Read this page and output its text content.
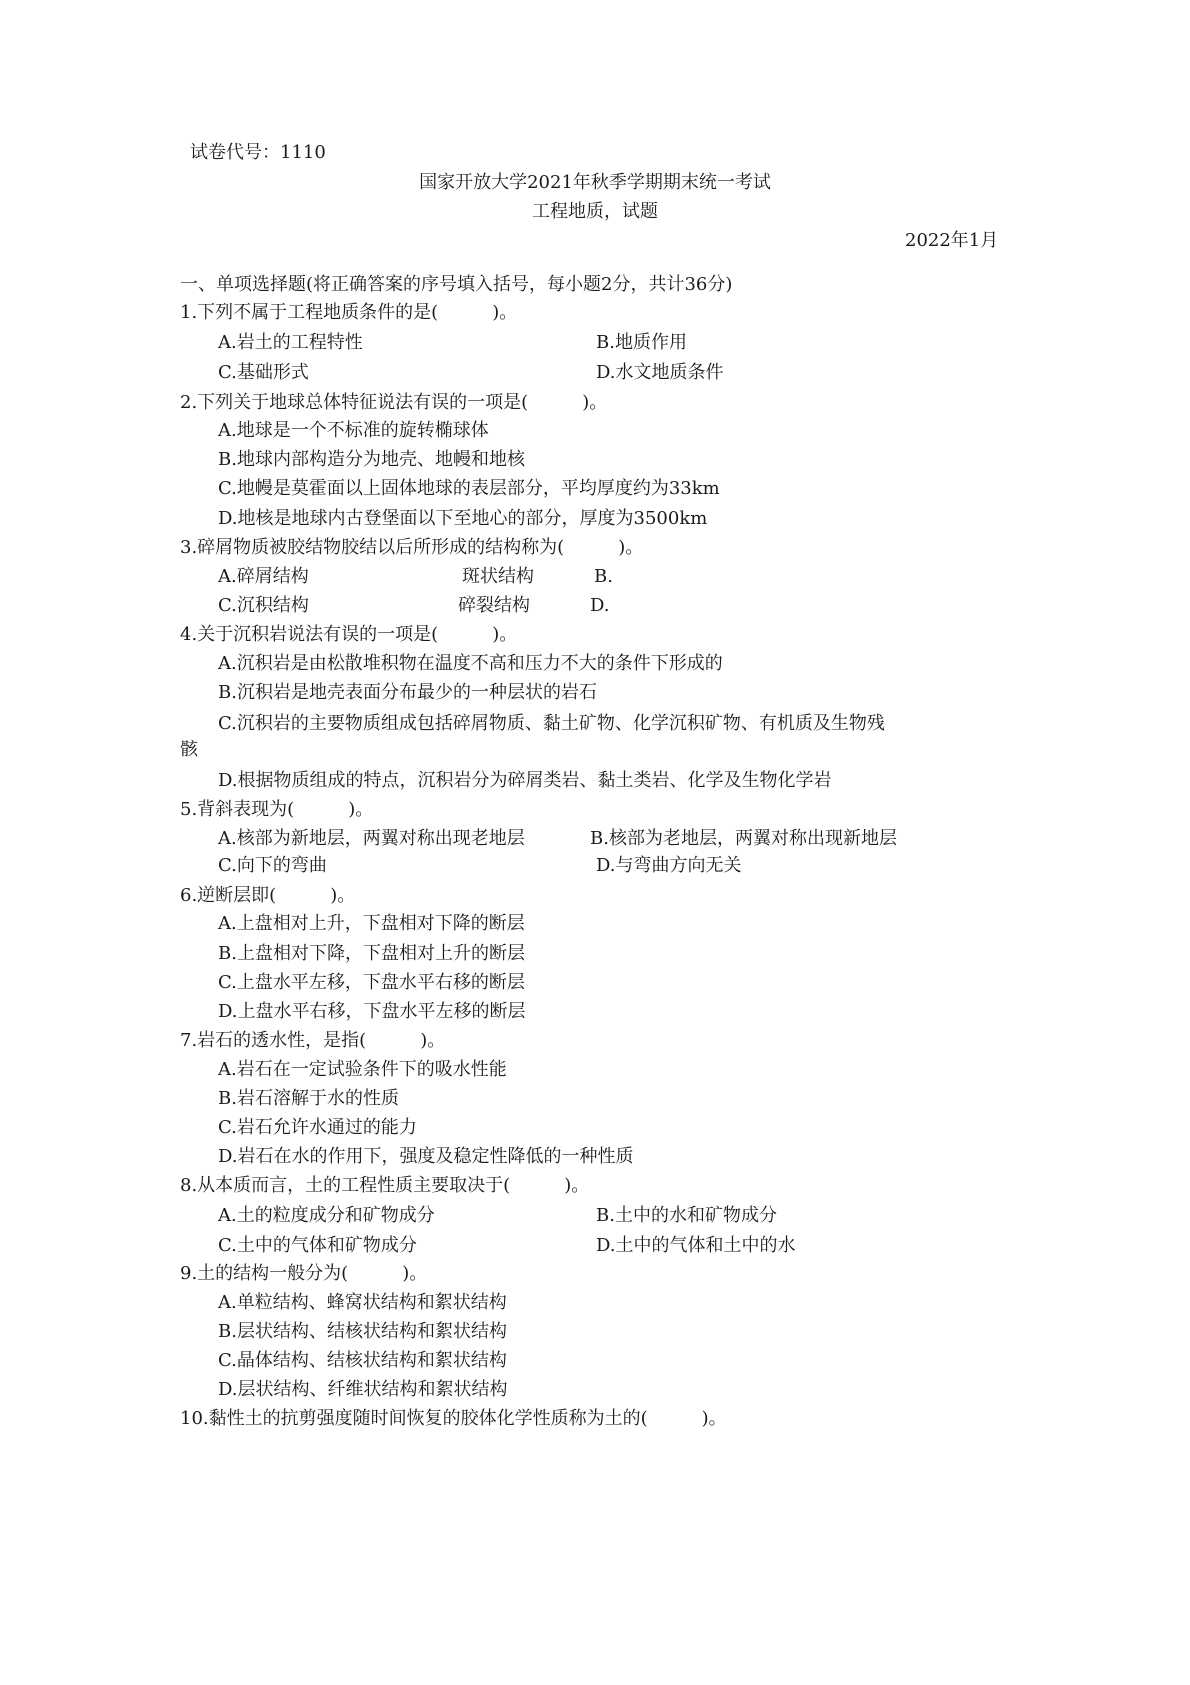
试卷代号：1110
国家开放大学2021年秋季学期期末统一考试
工程地质，试题
2022年1月
一、单项选择题(将正确答案的序号填入括号，每小题2分，共计36分)
1.下列不属于工程地质条件的是(　　　)。
A.岩土的工程特性	B.地质作用
C.基础形式	D.水文地质条件
2.下列关于地球总体特征说法有误的一项是(　　　)。
A.地球是一个不标准的旋转椭球体
B.地球内部构造分为地壳、地幔和地核
C.地幔是莫霍面以上固体地球的表层部分，平均厚度约为33km
D.地核是地球内古登堡面以下至地心的部分，厚度为3500km
3.碎屑物质被胶结物胶结以后所形成的结构称为(　　　)。
A.碎屑结构	斑状结构	B.
C.沉积结构	碎裂结构	D.
4.关于沉积岩说法有误的一项是(　　　)。
A.沉积岩是由松散堆积物在温度不高和压力不大的条件下形成的
B.沉积岩是地壳表面分布最少的一种层状的岩石
C.沉积岩的主要物质组成包括碎屑物质、黏土矿物、化学沉积矿物、有机质及生物残
骸
D.根据物质组成的特点，沉积岩分为碎屑类岩、黏土类岩、化学及生物化学岩
5.背斜表现为(　　　)。
A.核部为新地层，两翼对称出现老地层	B.核部为老地层，两翼对称出现新地层
C.向下的弯曲	D.与弯曲方向无关
6.逆断层即(　　　)。
A.上盘相对上升，下盘相对下降的断层
B.上盘相对下降，下盘相对上升的断层
C.上盘水平左移，下盘水平右移的断层
D.上盘水平右移，下盘水平左移的断层
7.岩石的透水性，是指(　　　)。
A.岩石在一定试验条件下的吸水性能
B.岩石溶解于水的性质
C.岩石允许水通过的能力
D.岩石在水的作用下，强度及稳定性降低的一种性质
8.从本质而言，土的工程性质主要取决于(　　　)。
A.土的粒度成分和矿物成分	B.土中的水和矿物成分
C.土中的气体和矿物成分	D.土中的气体和土中的水
9.土的结构一般分为(　　　)。
A.单粒结构、蜂窝状结构和絮状结构
B.层状结构、结核状结构和絮状结构
C.晶体结构、结核状结构和絮状结构
D.层状结构、纤维状结构和絮状结构
10.黏性土的抗剪强度随时间恢复的胶体化学性质称为土的(　　　)。
